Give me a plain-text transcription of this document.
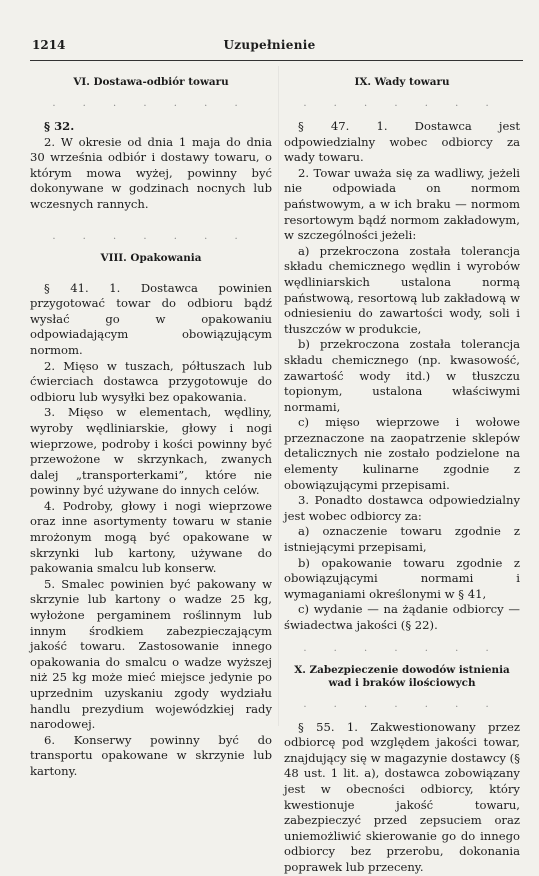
1214	Uzupełnienie
VI. Dostawa-odbiór towaru
. . . . . . .

§ 32.

2. W okresie od dnia 1 maja do dnia 30 września odbiór i dostawy towaru, o którym mowa wyżej, powinny być dokonywane w godzinach nocnych lub wczesnych rannych.

. . . . . . .
VIII. Opakowania

§ 41. 1. Dostawca powinien przygotować towar do odbioru bądź wysłać go w opakowaniu odpowiadającym obowiązującym normom.

2. Mięso w tuszach, półtuszach lub ćwierciach dostawca przygotowuje do odbioru lub wysyłki bez opakowania.

3. Mięso w elementach, wędliny, wyroby wędliniarskie, głowy i nogi wieprzowe, podroby i kości powinny być przewożone w skrzynkach, zwanych dalej „transporterkami”, które nie powinny być używane do innych celów.

4. Podroby, głowy i nogi wieprzowe oraz inne asortymenty towaru w stanie mrożonym mogą być opakowane w skrzynki lub kartony, używane do pakowania smalcu lub konserw.

5. Smalec powinien być pakowany w skrzynie lub kartony o wadze 25 kg, wyłożone pergaminem roślinnym lub innym środkiem zabezpieczającym jakość towaru. Zastosowanie innego opakowania do smalcu o wadze wyższej niż 25 kg może mieć miejsce jedynie po uprzednim uzyskaniu zgody wydziału handlu prezydium wojewódzkiej rady narodowej.

6. Konserwy powinny być do transportu opakowane w skrzynie lub kartony.

IX. Wady towaru
. . . . . . .

§ 47. 1. Dostawca jest odpowiedzialny wobec odbiorcy za wady towaru.

2. Towar uważa się za wadliwy, jeżeli nie odpowiada on normom państwowym, a w ich braku — normom resortowym bądź normom zakładowym, w szczególności jeżeli:

a) przekroczona została tolerancja składu chemicznego wędlin i wyrobów wędliniarskich ustalona normą państwową, resortową lub zakładową w odniesieniu do zawartości wody, soli i tłuszczów w produkcie,

b) przekroczona została tolerancja składu chemicznego (np. kwasowość, zawartość wody itd.) w tłuszczu topionym, ustalona właściwymi normami,

c) mięso wieprzowe i wołowe przeznaczone na zaopatrzenie sklepów detalicznych nie zostało podzielone na elementy kulinarne zgodnie z obowiązującymi przepisami.

3. Ponadto dostawca odpowiedzialny jest wobec odbiorcy za:

a) oznaczenie towaru zgodnie z istniejącymi przepisami,

b) opakowanie towaru zgodnie z obowiązującymi normami i wymaganiami określonymi w § 41,

c) wydanie — na żądanie odbiorcy — świadectwa jakości (§ 22).

. . . . . . .
X. Zabezpieczenie dowodów istnienia wad i braków ilościowych
. . . . . . .

§ 55. 1. Zakwestionowany przez odbiorcę pod względem jakości towar, znajdujący się w magazynie dostawcy (§ 48 ust. 1 lit. a), dostawca zobowiązany jest w obecności odbiorcy, który kwestionuje jakość towaru, zabezpieczyć przed zepsuciem oraz uniemożliwić skierowanie go do innego odbiorcy bez przerobu, dokonania poprawek lub przeceny.
